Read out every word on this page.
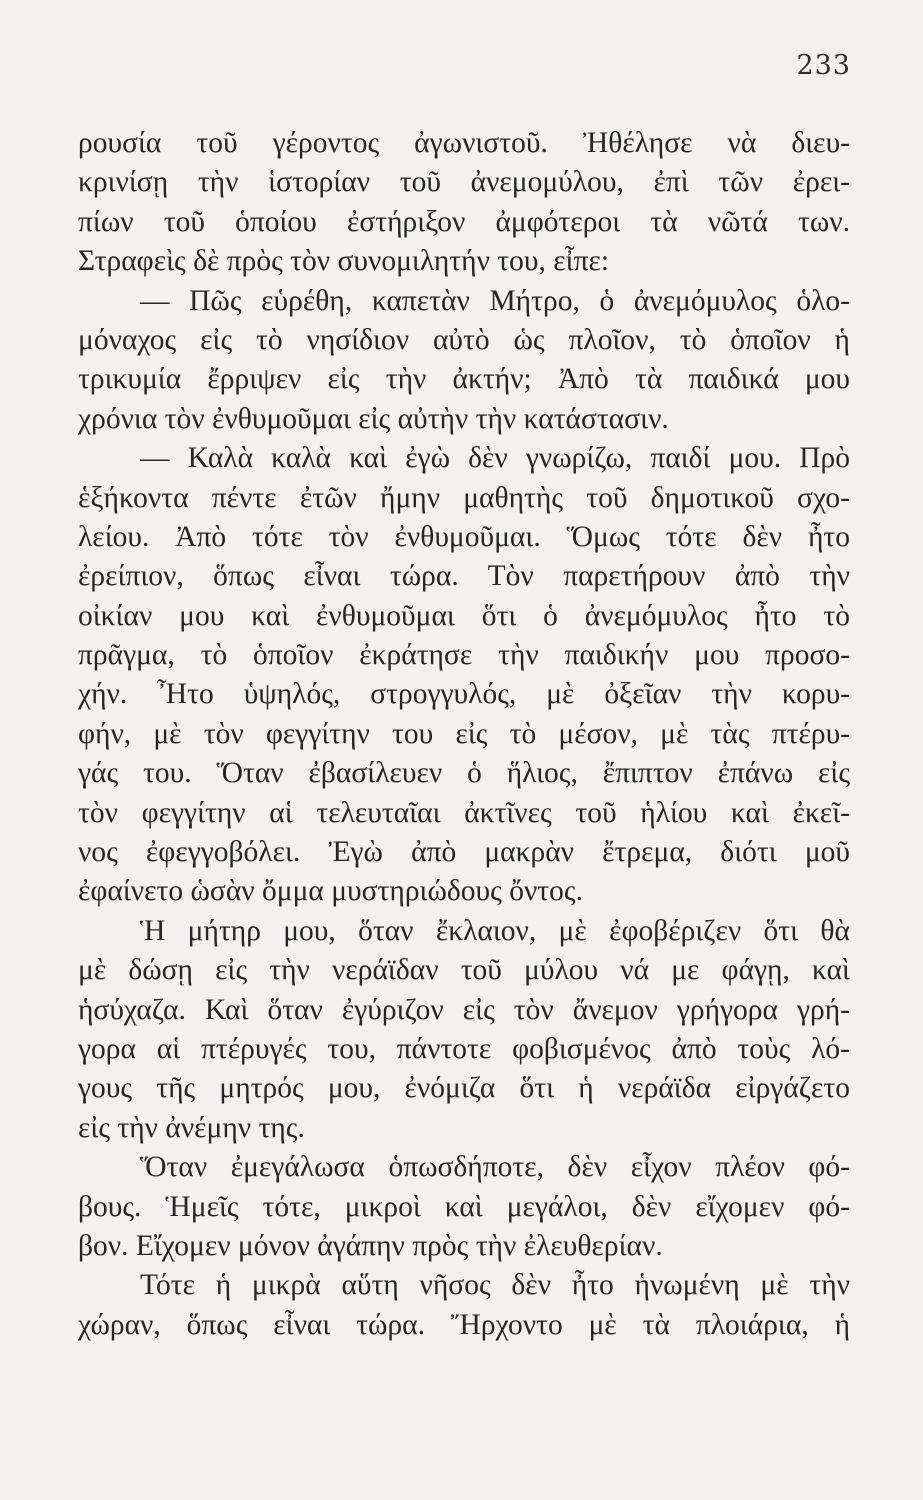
233
ρουσία τοῦ γέροντος ἀγωνιστοῦ. Ἠθέλησε νὰ διευ-
κρινίσῃ τὴν ἱστορίαν τοῦ ἀνεμομύλου, ἐπὶ τῶν ἐρει-
πίων τοῦ ὁποίου ἐστήριξον ἀμφότεροι τὰ νῶτά των.
Στραφεὶς δὲ πρὸς τὸν συνομιλητήν του, εἶπε:
— Πῶς εὑρέθη, καπετὰν Μήτρο, ὁ ἀνεμόμυλος ὁλο-
μόναχος εἰς τὸ νησίδιον αὐτὸ ὡς πλοῖον, τὸ ὁποῖον ἡ
τρικυμία ἔρριψεν εἰς τὴν ἀκτήν; Ἀπὸ τὰ παιδικά μου
χρόνια τὸν ἐνθυμοῦμαι εἰς αὐτὴν τὴν κατάστασιν.
— Καλὰ καλὰ καὶ ἐγὼ δὲν γνωρίζω, παιδί μου. Πρὸ
ἑξήκοντα πέντε ἐτῶν ἤμην μαθητὴς τοῦ δημοτικοῦ σχο-
λείου. Ἀπὸ τότε τὸν ἐνθυμοῦμαι. Ὅμως τότε δὲν ἦτο
ἐρείπιον, ὅπως εἶναι τώρα. Τὸν παρετήρουν ἀπὸ τὴν
οἰκίαν μου καὶ ἐνθυμοῦμαι ὅτι ὁ ἀνεμόμυλος ἦτο τὸ
πρᾶγμα, τὸ ὁποῖον ἐκράτησε τὴν παιδικήν μου προσο-
χήν. Ἦτο ὑψηλός, στρογγυλός, μὲ ὀξεῖαν τὴν κορυ-
φήν, μὲ τὸν φεγγίτην του εἰς τὸ μέσον, μὲ τὰς πτέρυ-
γάς του. Ὅταν ἐβασίλευεν ὁ ἥλιος, ἔπιπτον ἐπάνω εἰς
τὸν φεγγίτην αἱ τελευταῖαι ἀκτῖνες τοῦ ἡλίου καὶ ἐκεῖ-
νος ἐφεγγοβόλει. Ἐγὼ ἀπὸ μακρὰν ἔτρεμα, διότι μοῦ
ἐφαίνετο ὡσὰν ὄμμα μυστηριώδους ὄντος.
Ἡ μήτηρ μου, ὅταν ἔκλαιον, μὲ ἐφοβέριζεν ὅτι θὰ
μὲ δώσῃ εἰς τὴν νεράϊδαν τοῦ μύλου νά με φάγῃ, καὶ
ἡσύχαζα. Καὶ ὅταν ἐγύριζον εἰς τὸν ἄνεμον γρήγορα γρή-
γορα αἱ πτέρυγές του, πάντοτε φοβισμένος ἀπὸ τοὺς λό-
γους τῆς μητρός μου, ἐνόμιζα ὅτι ἡ νεράϊδα εἰργάζετο
εἰς τὴν ἀνέμην της.
Ὅταν ἐμεγάλωσα ὁπωσδήποτε, δὲν εἶχον πλέον φό-
βους. Ἡμεῖς τότε, μικροὶ καὶ μεγάλοι, δὲν εἴχομεν φό-
βον. Εἴχομεν μόνον ἀγάπην πρὸς τὴν ἐλευθερίαν.
Τότε ἡ μικρὰ αὕτη νῆσος δὲν ἦτο ἡνωμένη μὲ τὴν
χώραν, ὅπως εἶναι τώρα. Ἤρχοντο μὲ τὰ πλοιάρια, ἡ
